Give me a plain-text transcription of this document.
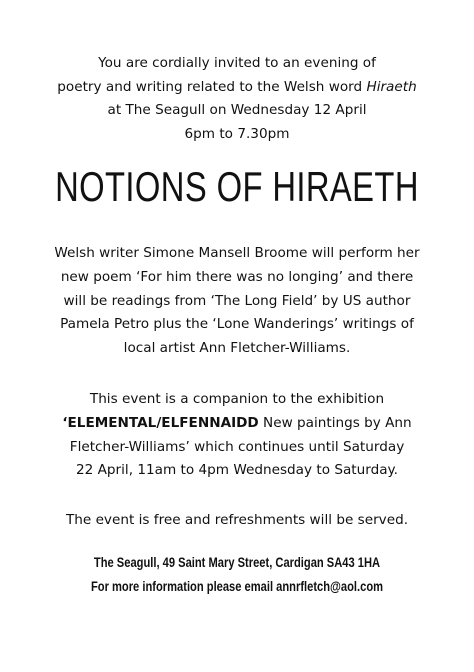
You are cordially invited to an evening of
poetry and writing related to the Welsh word Hiraeth
at The Seagull on Wednesday 12 April
6pm to 7.30pm
NOTIONS OF HIRAETH
Welsh writer Simone Mansell Broome will perform her
new poem ‘For him there was no longing’ and there
will be readings from ‘The Long Field’ by US author
Pamela Petro plus the ‘Lone Wanderings’ writings of
local artist Ann Fletcher-Williams.
This event is a companion to the exhibition
‘ELEMENTAL/ELFENNAIDD New paintings by Ann
Fletcher-Williams’ which continues until Saturday
22 April, 11am to 4pm Wednesday to Saturday.
The event is free and refreshments will be served.
The Seagull, 49 Saint Mary Street, Cardigan SA43 1HA
For more information please email annrfletch@aol.com
